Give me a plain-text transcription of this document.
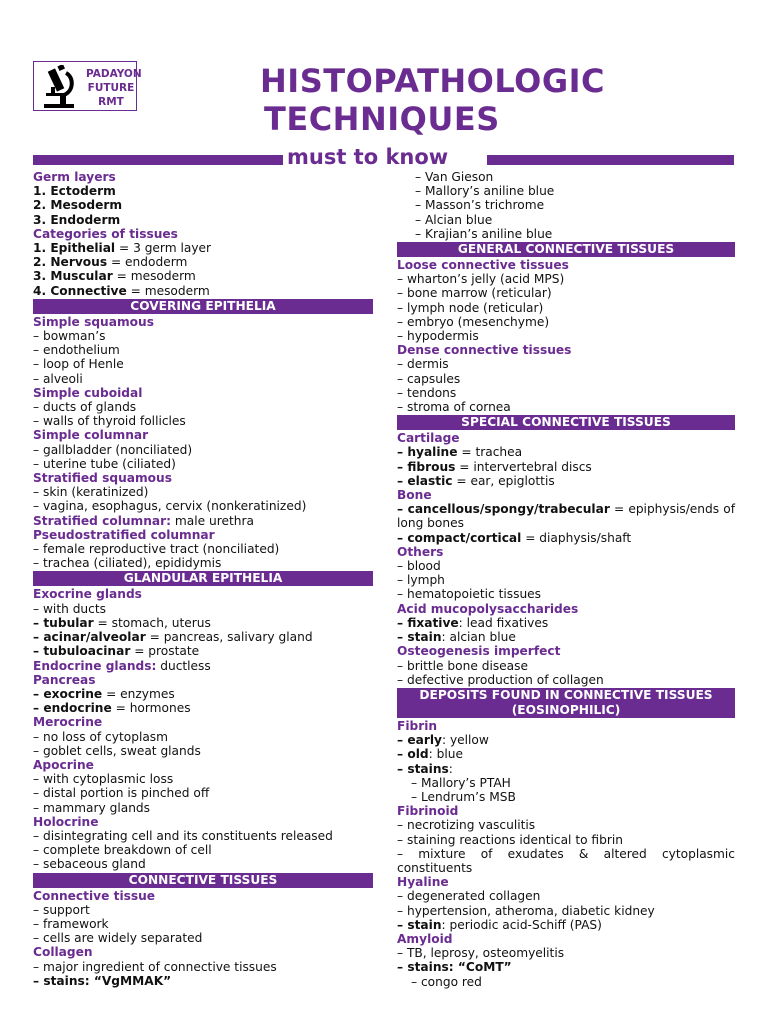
PADAYON
FUTURE
RMT
HISTOPATHOLOGIC
TECHNIQUES
must to know
Germ layers
1. Ectoderm
2. Mesoderm
3. Endoderm
Categories of tissues
1. Epithelial = 3 germ layer
2. Nervous = endoderm
3. Muscular = mesoderm
4. Connective = mesoderm
COVERING EPITHELIA
Simple squamous
– bowman’s
– endothelium
– loop of Henle
– alveoli
Simple cuboidal
– ducts of glands
– walls of thyroid follicles
Simple columnar
– gallbladder (nonciliated)
– uterine tube (ciliated)
Stratified squamous
– skin (keratinized)
– vagina, esophagus, cervix (nonkeratinized)
Stratified columnar: male urethra
Pseudostratified columnar
– female reproductive tract (nonciliated)
– trachea (ciliated), epididymis
GLANDULAR EPITHELIA
Exocrine glands
– with ducts
– tubular = stomach, uterus
– acinar/alveolar = pancreas, salivary gland
– tubuloacinar = prostate
Endocrine glands: ductless
Pancreas
– exocrine = enzymes
– endocrine = hormones
Merocrine
– no loss of cytoplasm
– goblet cells, sweat glands
Apocrine
– with cytoplasmic loss
– distal portion is pinched off
– mammary glands
Holocrine
– disintegrating cell and its constituents released
– complete breakdown of cell
– sebaceous gland
CONNECTIVE TISSUES
Connective tissue
– support
– framework
– cells are widely separated
Collagen
– major ingredient of connective tissues
– stains: “VgMMAK”
– Van Gieson
– Mallory’s aniline blue
– Masson’s trichrome
– Alcian blue
– Krajian’s aniline blue
GENERAL CONNECTIVE TISSUES
Loose connective tissues
– wharton’s jelly (acid MPS)
– bone marrow (reticular)
– lymph node (reticular)
– embryo (mesenchyme)
– hypodermis
Dense connective tissues
– dermis
– capsules
– tendons
– stroma of cornea
SPECIAL CONNECTIVE TISSUES
Cartilage
– hyaline = trachea
– fibrous = intervertebral discs
– elastic = ear, epiglottis
Bone
– cancellous/spongy/trabecular = epiphysis/ends of long bones
– compact/cortical = diaphysis/shaft
Others
– blood
– lymph
– hematopoietic tissues
Acid mucopolysaccharides
– fixative: lead fixatives
– stain: alcian blue
Osteogenesis imperfect
– brittle bone disease
– defective production of collagen
DEPOSITS FOUND IN CONNECTIVE TISSUES (EOSINOPHILIC)
Fibrin
– early: yellow
– old: blue
– stains:
– Mallory’s PTAH
– Lendrum’s MSB
Fibrinoid
– necrotizing vasculitis
– staining reactions identical to fibrin
– mixture of exudates & altered cytoplasmic constituents
Hyaline
– degenerated collagen
– hypertension, atheroma, diabetic kidney
– stain: periodic acid-Schiff (PAS)
Amyloid
– TB, leprosy, osteomyelitis
– stains: “CoMT”
– congo red
